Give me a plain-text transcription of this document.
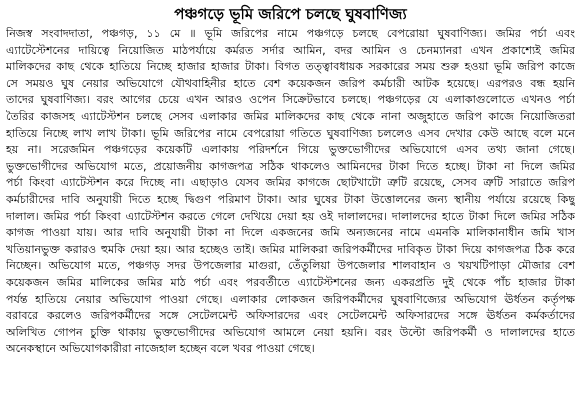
পঞ্চগড়ে ভূমি জরিপে চলছে ঘুষবাণিজ্য
নিজস্ব সংবাদদাতা, পঞ্চগড়, ১১ মে ॥ ভূমি জরিপের নামে পঞ্চগড়ে চলছে বেপরোয়া ঘুষবাণিজ্য। জমির পর্চা এবং
এ্যাটেস্টেশনের দায়িত্বে নিয়োজিত মাঠপর্যায়ে কর্মরত সর্দার আমিন, বদর আমিন ও চেনম্যানরা এখন প্রকাশ্যেই জমির
মালিকদের কাছ থেকে হাতিয়ে নিচ্ছে হাজার হাজার টাকা। বিগত তত্ত্বাবধায়ক সরকারের সময় শুরু হওয়া ভূমি জরিপ কাজে
সে সময়ও ঘুষ নেয়ার অভিযোগে যৌথবাহিনীর হাতে বেশ কয়েকজন জরিপ কর্মচারী আটক হয়েছে। এরপরও বন্ধ হয়নি
তাদের ঘুষবাণিজ্য। বরং আগের চেয়ে এখন আরও ওপেন সিক্রেটভাবে চলছে। পঞ্চগড়ের যে এলাকাগুলোতে এখনও পর্চা
তৈরির কাজসহ এ্যাটেস্টশন চলছে সেসব এলাকার জমির মালিকদের কাছ থেকে নানা অজুহাতে জরিপ কাজে নিয়োজিতরা
হাতিয়ে নিচ্ছে লাখ লাখ টাকা। ভূমি জরিপের নামে বেপরোয়া গতিতে ঘুষবাণিজ্য চললেও এসব দেখার কেউ আছে বলে মনে
হয় না। সরেজমিন পঞ্চগড়ের কয়েকটি এলাকায় পরিদর্শনে গিয়ে ভুক্তভোগীদের অভিযোগে এসব তথ্য জানা গেছে।
ভুক্তভোগীদের অভিযোগ মতে, প্রয়োজনীয় কাগজপত্র সঠিক থাকলেও আমিনদের টাকা দিতে হচ্ছে। টাকা না দিলে জমির
পর্চা কিংবা এ্যাটেস্টশন করে দিচ্ছে না। এছাড়াও যেসব জমির কাগজে ছোটখাটো ত্রুটি রয়েছে, সেসব ত্রুটি সারাতে জরিপ
কর্মচারীদের দাবি অনুযায়ী দিতে হচ্ছে দ্বিগুণ পরিমাণ টাকা। আর ঘুষের টাকা উত্তোলনের জন্য স্থানীয় পর্যায়ে রয়েছে কিছু
দালাল। জমির পর্চা কিংবা এ্যাটেস্টশন করতে গেলে দেখিয়ে দেয়া হয় ওই দালালদের। দালালদের হাতে টাকা দিলে জমির সঠিক
কাগজ পাওয়া যায়। আর দাবি অনুযায়ী টাকা না দিলে একজনের জমি অন্যজনের নামে এমনকি মালিকানাধীন জমি খাস
খতিয়ানভুক্ত করারও হুমকি দেয়া হয়। আর হচ্ছেও তাই। জমির মালিকরা জরিপকর্মীদের দাবিকৃত টাকা দিয়ে কাগজপত্র ঠিক করে
নিচ্ছেন। অভিযোগ মতে, পঞ্চগড় সদর উপজেলার মাগুরা, তেঁতুলিয়া উপজেলার শালবাহান ও খয়খটিপাড়া মৌজার বেশ
কয়েকজন জমির মালিকের জমির মাঠ পর্চা এবং পরবর্তীতে এ্যাটেস্টশনের জন্য একরপ্রতি দুই থেকে পাঁচ হাজার টাকা
পর্যন্ত হাতিয়ে নেয়ার অভিযোগ পাওয়া গেছে। এলাকার লোকজন জরিপকর্মীদের ঘুষবাণিজ্যের অভিযোগ ঊর্ধতন কর্তৃপক্ষ
বরাবরে করলেও জরিপকর্মীদের সঙ্গে সেটেলমেন্ট অফিসারদের এবং সেটেলমেন্ট অফিসারদের সঙ্গে ঊর্ধতন কর্মকর্তাদের
অলিখিত গোপন চুক্তি থাকায় ভুক্তভোগীদের অভিযোগ আমলে নেয়া হয়নি। বরং উল্টো জরিপকর্মী ও দালালদের হাতে
অনেকস্থানে অভিযোগকারীরা নাজেহাল হচ্ছেন বলে খবর পাওয়া গেছে।
